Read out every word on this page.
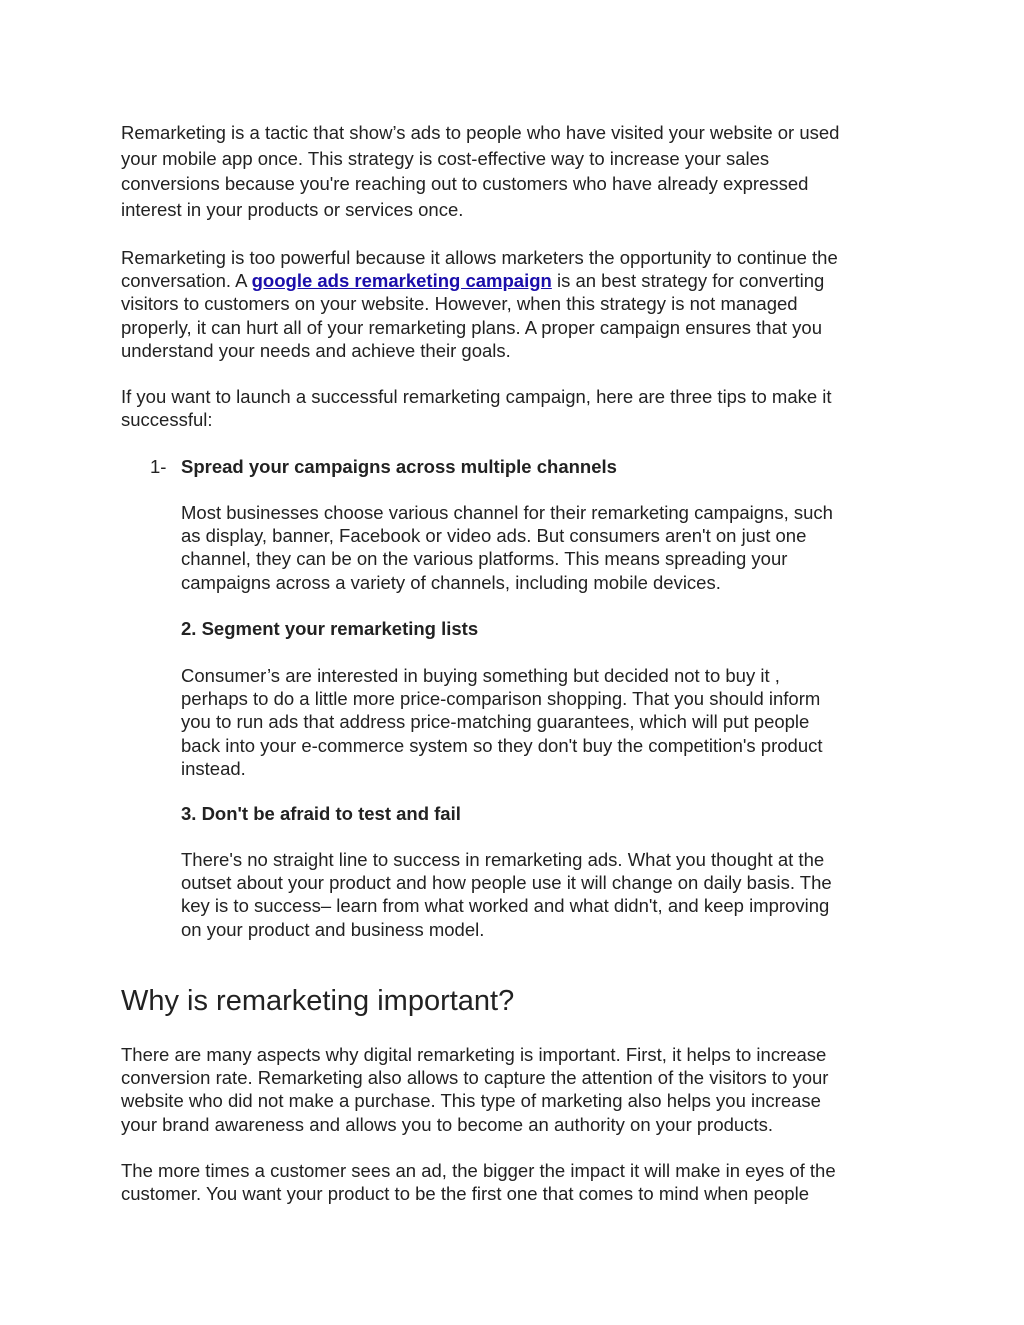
Remarketing is a tactic that show’s ads to people who have visited your website or used
your mobile app once. This strategy is cost-effective way to increase your sales
conversions because you're reaching out to customers who have already expressed
interest in your products or services once.

Remarketing is too powerful because it allows marketers the opportunity to continue the
conversation. A google ads remarketing campaign is an best strategy for converting
visitors to customers on your website. However, when this strategy is not managed
properly, it can hurt all of your remarketing plans. A proper campaign ensures that you
understand your needs and achieve their goals.

If you want to launch a successful remarketing campaign, here are three tips to make it
successful:

1- Spread your campaigns across multiple channels

Most businesses choose various channel for their remarketing campaigns, such
as display, banner, Facebook or video ads. But consumers aren't on just one
channel, they can be on the various platforms. This means spreading your
campaigns across a variety of channels, including mobile devices.

2. Segment your remarketing lists

Consumer’s are interested in buying something but decided not to buy it ,
perhaps to do a little more price-comparison shopping. That you should inform
you to run ads that address price-matching guarantees, which will put people
back into your e-commerce system so they don't buy the competition's product
instead.

3. Don't be afraid to test and fail

There's no straight line to success in remarketing ads. What you thought at the
outset about your product and how people use it will change on daily basis. The
key is to success– learn from what worked and what didn't, and keep improving
on your product and business model.

Why is remarketing important?

There are many aspects why digital remarketing is important. First, it helps to increase
conversion rate. Remarketing also allows to capture the attention of the visitors to your
website who did not make a purchase. This type of marketing also helps you increase
your brand awareness and allows you to become an authority on your products.

The more times a customer sees an ad, the bigger the impact it will make in eyes of the
customer. You want your product to be the first one that comes to mind when people
